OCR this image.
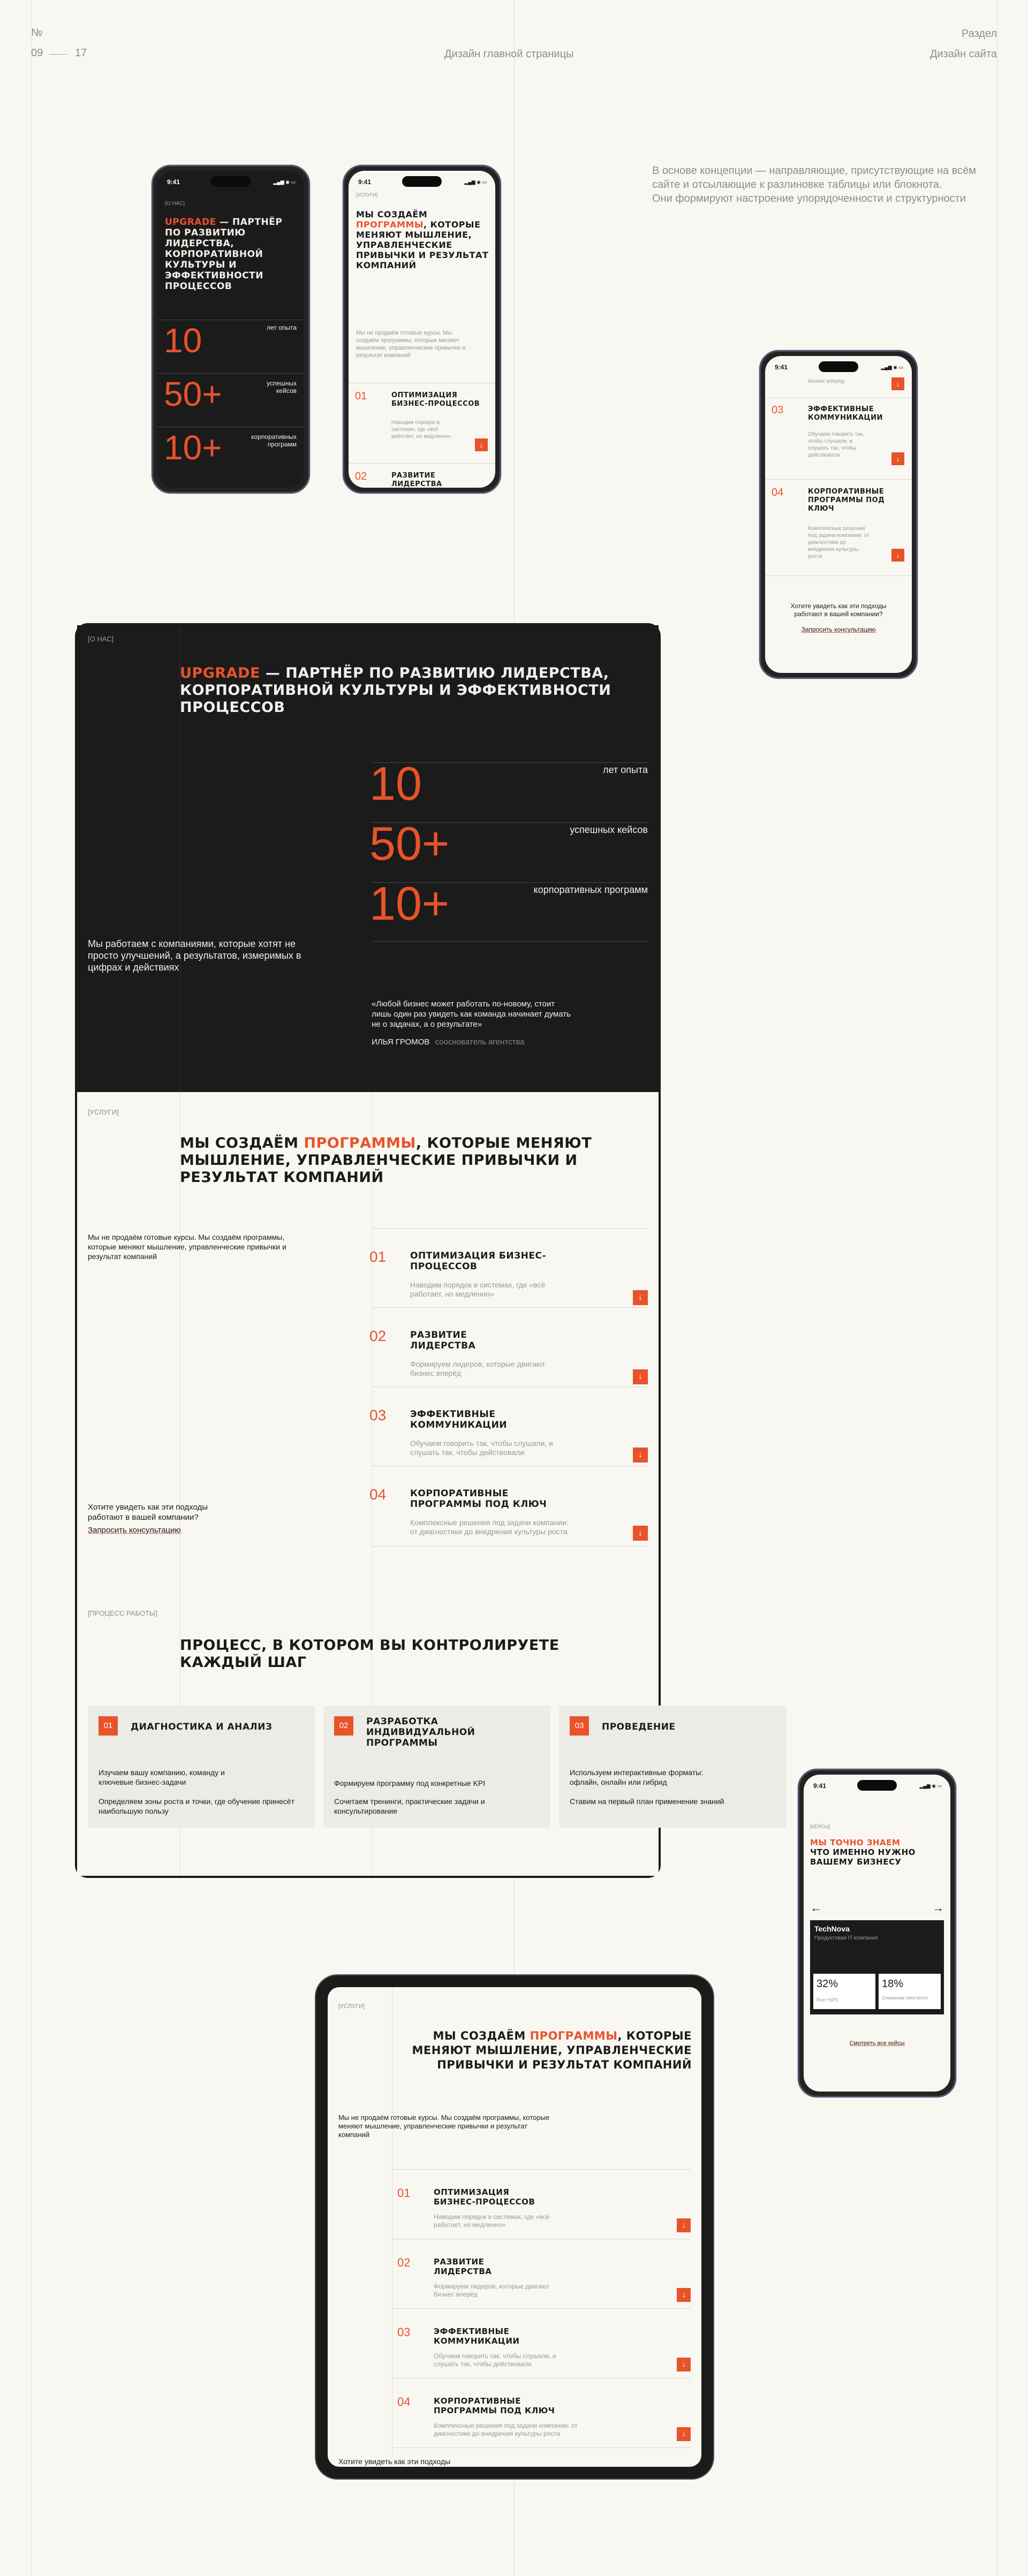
№
09	17	Дизайн главной страницы
Раздел
Дизайн сайта
В основе концепции — направляющие, присутствующие на всём
сайте и отсылающие к разлиновке таблицы или блокнота.
Они формируют настроение упорядоченности и структурности
9:41	▂▄▆ ◉ ▭
[О НАС]
UPGRADE — ПАРТНЁР ПО РАЗВИТИЮ ЛИДЕРСТВА, КОРПОРАТИВНОЙ КУЛЬТУРЫ И ЭФФЕКТИВНОСТИ ПРОЦЕССОВ
10	лет опыта
50+	успешных кейсов
10+	корпоративных программ
9:41	▂▄▆ ◉ ▭
[УСЛУГИ]
МЫ СОЗДАЁМ ПРОГРАММЫ, КОТОРЫЕ МЕНЯЮТ МЫШЛЕНИЕ, УПРАВЛЕНЧЕСКИЕ ПРИВЫЧКИ И РЕЗУЛЬТАТ КОМПАНИЙ
Мы не продаём готовые курсы. Мы создаём программы, которые меняют мышление, управленческие привычки и результат компаний
01	ОПТИМИЗАЦИЯ БИЗНЕС-ПРОЦЕССОВ
Наводим порядок в системах, где «всё работает, но медленно»
↓
02	РАЗВИТИЕ ЛИДЕРСТВА
9:41	▂▄▆ ◉ ▭
бизнес вперёд	↓
03	ЭФФЕКТИВНЫЕ КОММУНИКАЦИИ
Обучаем говорить так, чтобы слушали, и слушать так, чтобы действовали	↓
04	КОРПОРАТИВНЫЕ ПРОГРАММЫ ПОД КЛЮЧ
Комплексные решения под задачи компании: от диагностики до внедрения культуры роста	↓
Хотите увидеть как эти подходы работают в вашей компании?
Запросить консультацию
[О НАС]
UPGRADE — ПАРТНЁР ПО РАЗВИТИЮ ЛИДЕРСТВА, КОРПОРАТИВНОЙ КУЛЬТУРЫ И ЭФФЕКТИВНОСТИ ПРОЦЕССОВ
10	лет опыта
50+	успешных кейсов
10+	корпоративных программ
Мы работаем с компаниями, которые хотят не просто улучшений, а результатов, измеримых в цифрах и действиях
«Любой бизнес может работать по-новому, стоит лишь один раз увидеть как команда начинает думать не о задачах, а о результате»
ИЛЬЯ ГРОМОВ сооснователь агентства
[УСЛУГИ]
МЫ СОЗДАЁМ ПРОГРАММЫ, КОТОРЫЕ МЕНЯЮТ МЫШЛЕНИЕ, УПРАВЛЕНЧЕСКИЕ ПРИВЫЧКИ И РЕЗУЛЬТАТ КОМПАНИЙ
Мы не продаём готовые курсы. Мы создаём программы, которые меняют мышление, управленческие привычки и результат компаний	01	ОПТИМИЗАЦИЯ БИЗНЕС-ПРОЦЕССОВ
Наводим порядок в системах, где «всё работает, но медленно»	↓
02	РАЗВИТИЕ ЛИДЕРСТВА
Формируем лидеров, которые двигают бизнес вперёд	↓
03	ЭФФЕКТИВНЫЕ КОММУНИКАЦИИ
Обучаем говорить так, чтобы слушали, и слушать так, чтобы действовали	↓
04	КОРПОРАТИВНЫЕ ПРОГРАММЫ ПОД КЛЮЧ
Комплексные решения под задачи компании: от диагностики до внедрения культуры роста	↓
Хотите увидеть как эти подходы работают в вашей компании?
Запросить консультацию
[ПРОЦЕСС РАБОТЫ]
ПРОЦЕСС, В КОТОРОМ ВЫ КОНТРОЛИРУЕТЕ КАЖДЫЙ ШАГ
01	ДИАГНОСТИКА И АНАЛИЗ
Изучаем вашу компанию, команду и ключевые бизнес-задачи
Определяем зоны роста и точки, где обучение принесёт наибольшую пользу
02	РАЗРАБОТКА ИНДИВИДУАЛЬНОЙ ПРОГРАММЫ
Формируем программу под конкретные KPI
Сочетаем тренинги, практические задачи и консультирование
03	ПРОВЕДЕНИЕ
Используем интерактивные форматы: офлайн, онлайн или гибрид
Ставим на первый план применение знаний
9:41	▂▄▆ ◉ ▭
[КЕЙСЫ]
МЫ ТОЧНО ЗНАЕМ
ЧТО ИМЕННО НУЖНО ВАШЕМУ БИЗНЕСУ
←	→
TechNova
Продуктовая IT-компания
32%
Рост NPS
18%
Снижение текучести
Смотреть все кейсы
[УСЛУГИ]
МЫ СОЗДАЁМ ПРОГРАММЫ, КОТОРЫЕ МЕНЯЮТ МЫШЛЕНИЕ, УПРАВЛЕНЧЕСКИЕ ПРИВЫЧКИ И РЕЗУЛЬТАТ КОМПАНИЙ
Мы не продаём готовые курсы. Мы создаём программы, которые меняют мышление, управленческие привычки и результат компаний
01	ОПТИМИЗАЦИЯ БИЗНЕС-ПРОЦЕССОВ
Наводим порядок в системах, где «всё работает, но медленно»	↓
02	РАЗВИТИЕ ЛИДЕРСТВА
Формируем лидеров, которые двигают бизнес вперёд	↓
03	ЭФФЕКТИВНЫЕ КОММУНИКАЦИИ
Обучаем говорить так, чтобы слушали, и слушать так, чтобы действовали	↓
04	КОРПОРАТИВНЫЕ ПРОГРАММЫ ПОД КЛЮЧ
Комплексные решения под задачи компании: от диагностики до внедрения культуры роста	↓
Хотите увидеть как эти подходы
